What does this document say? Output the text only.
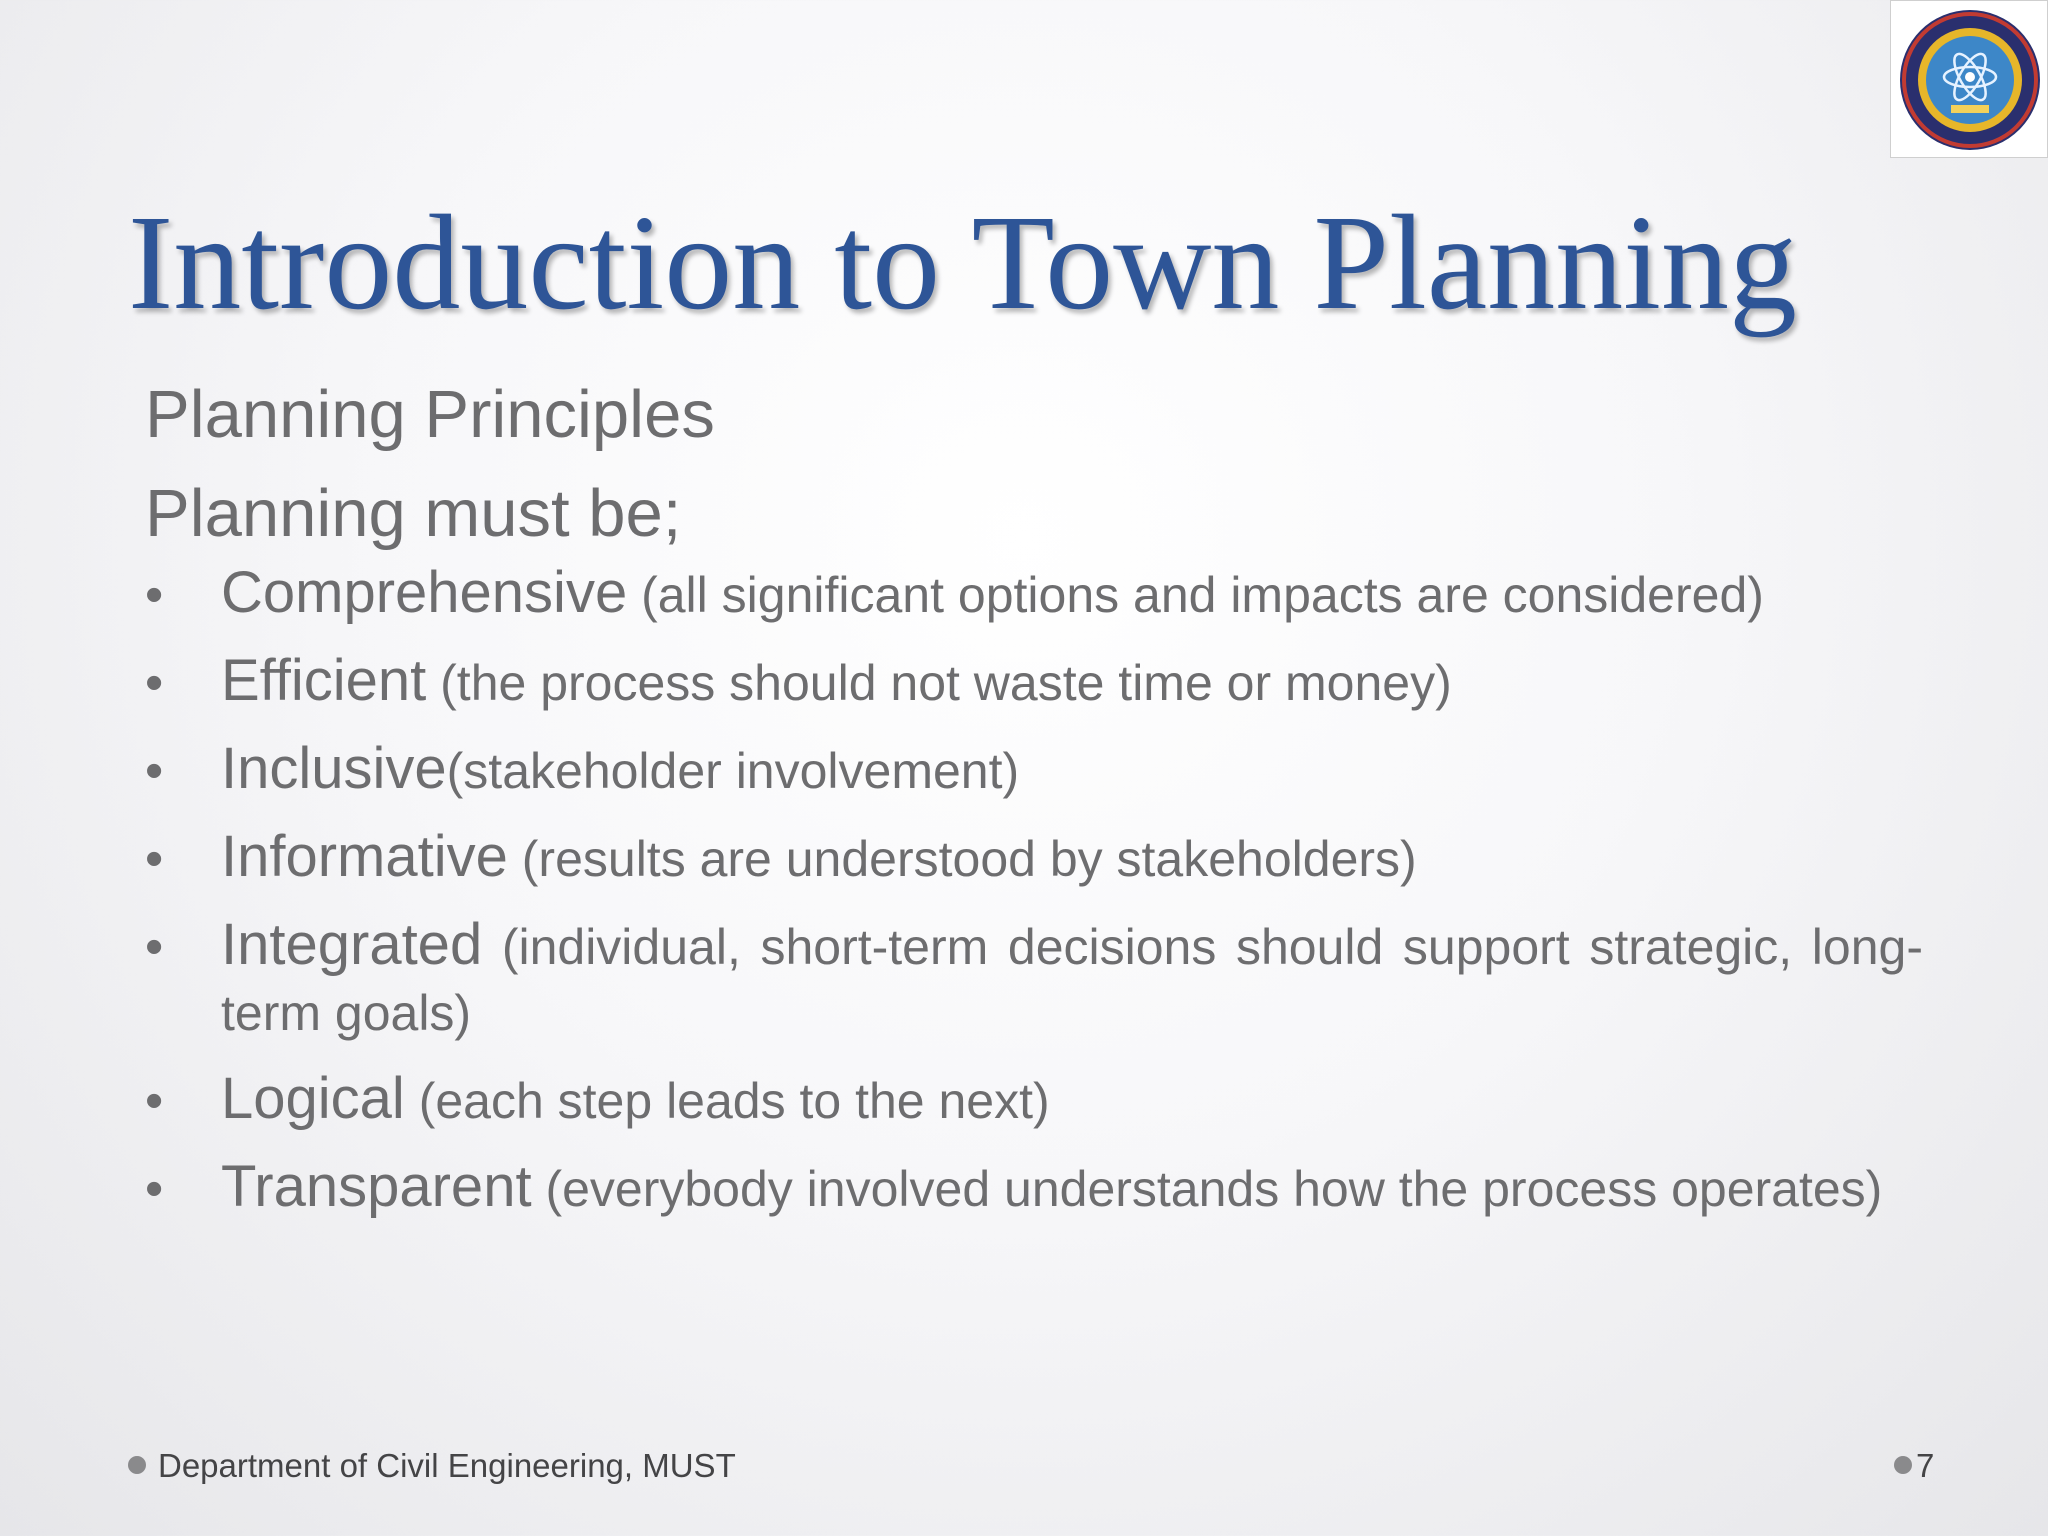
Introduction to Town Planning
Planning Principles
Planning must be;
• Comprehensive (all significant options and impacts are considered)
• Efficient (the process should not waste time or money)
• Inclusive(stakeholder involvement)
• Informative (results are understood by stakeholders)
• Integrated (individual, short-term decisions should support strategic, long-term goals)
• Logical (each step leads to the next)
• Transparent (everybody involved understands how the process operates)
Department of Civil Engineering, MUST	7
